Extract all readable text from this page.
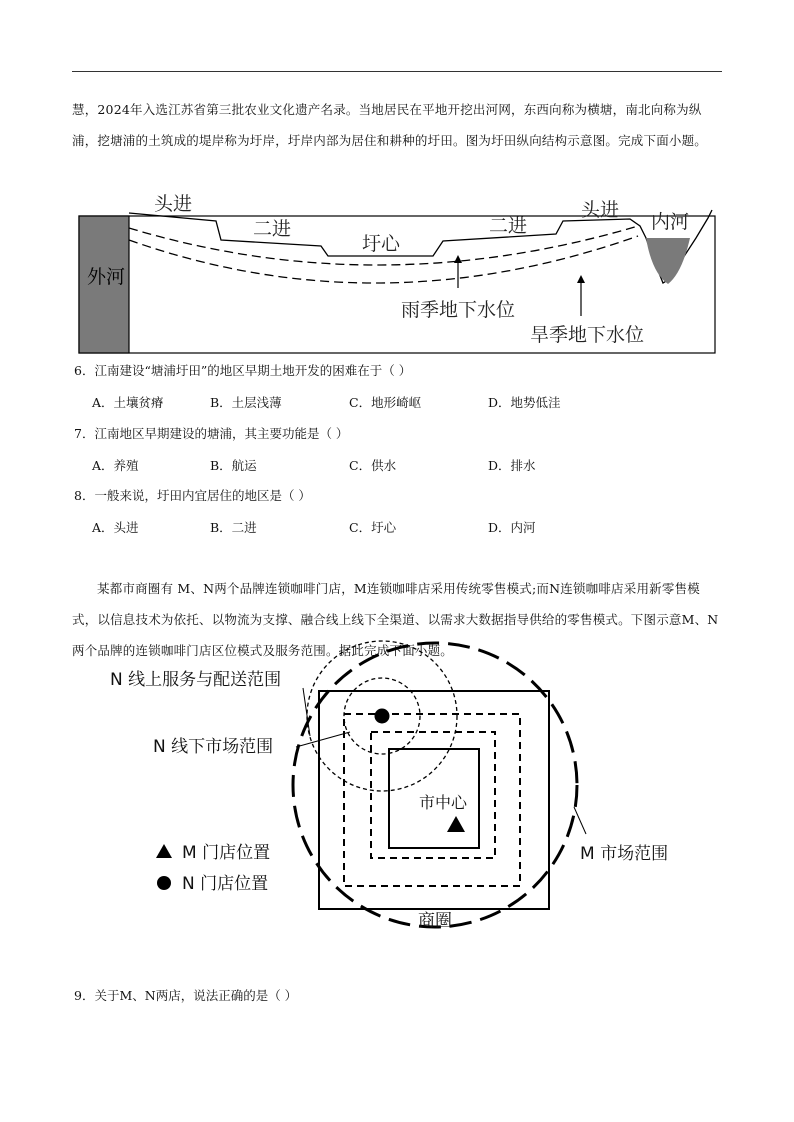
慧，2024年入选江苏省第三批农业文化遗产名录。当地居民在平地开挖出河网，东西向称为横塘，南北向称为纵浦，挖塘浦的土筑成的堤岸称为圩岸，圩岸内部为居住和耕种的圩田。图为圩田纵向结构示意图。完成下面小题。
外河
头进
二进
圩心
二进
头进
内河
雨季地下水位
旱季地下水位
6．江南建设“塘浦圩田”的地区早期土地开发的困难在于（ ）
A．土壤贫瘠	B．土层浅薄	C．地形崎岖	D．地势低洼
7．江南地区早期建设的塘浦，其主要功能是（ ）
A．养殖	B．航运	C．供水	D．排水
8．一般来说，圩田内宜居住的地区是（ ）
A．头进	B．二进	C．圩心	D．内河
某都市商圈有 M、N两个品牌连锁咖啡门店，M连锁咖啡店采用传统零售模式;而N连锁咖啡店采用新零售模式，以信息技术为依托、以物流为支撑、融合线上线下全渠道、以需求大数据指导供给的零售模式。下图示意M、N两个品牌的连锁咖啡门店区位模式及服务范围。据此完成下面小题。
N 线上服务与配送范围
N 线下市场范围
市中心
M 市场范围
M 门店位置
N 门店位置
商圈
9．关于M、N两店，说法正确的是（ ）
